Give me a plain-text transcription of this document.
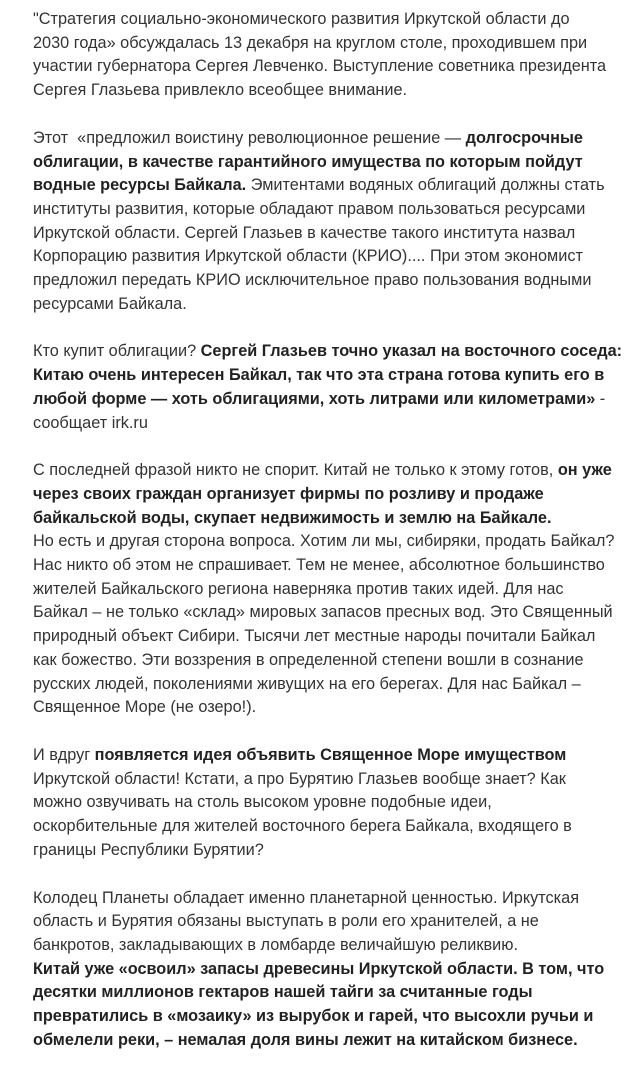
"Стратегия социально-экономического развития Иркутской области до
2030 года» обсуждалась 13 декабря на круглом столе, проходившем при
участии губернатора Сергея Левченко. Выступление советника президента
Сергея Глазьева привлекло всеобщее внимание.

Этот  «предложил воистину революционное решение — долгосрочные
облигации, в качестве гарантийного имущества по которым пойдут
водные ресурсы Байкала. Эмитентами водяных облигаций должны стать
институты развития, которые обладают правом пользоваться ресурсами
Иркутской области. Сергей Глазьев в качестве такого института назвал
Корпорацию развития Иркутской области (КРИО).... При этом экономист
предложил передать КРИО исключительное право пользования водными
ресурсами Байкала.

Кто купит облигации? Сергей Глазьев точно указал на восточного соседа:
Китаю очень интересен Байкал, так что эта страна готова купить его в
любой форме — хоть облигациями, хоть литрами или километрами» -
сообщает irk.ru

С последней фразой никто не спорит. Китай не только к этому готов, он уже
через своих граждан организует фирмы по розливу и продаже
байкальской воды, скупает недвижимость и землю на Байкале.
Но есть и другая сторона вопроса. Хотим ли мы, сибиряки, продать Байкал?
Нас никто об этом не спрашивает. Тем не менее, абсолютное большинство
жителей Байкальского региона наверняка против таких идей. Для нас
Байкал – не только «склад» мировых запасов пресных вод. Это Священный
природный объект Сибири. Тысячи лет местные народы почитали Байкал
как божество. Эти воззрения в определенной степени вошли в сознание
русских людей, поколениями живущих на его берегах. Для нас Байкал –
Священное Море (не озеро!).

И вдруг появляется идея объявить Священное Море имуществом
Иркутской области! Кстати, а про Бурятию Глазьев вообще знает? Как
можно озвучивать на столь высоком уровне подобные идеи,
оскорбительные для жителей восточного берега Байкала, входящего в
границы Республики Бурятии?

Колодец Планеты обладает именно планетарной ценностью. Иркутская
область и Бурятия обязаны выступать в роли его хранителей, а не
банкротов, закладывающих в ломбарде величайшую реликвию.
Китай уже «освоил» запасы древесины Иркутской области. В том, что
десятки миллионов гектаров нашей тайги за считанные годы
превратились в «мозаику» из вырубок и гарей, что высохли ручьи и
обмелели реки, – немалая доля вины лежит на китайском бизнесе.
